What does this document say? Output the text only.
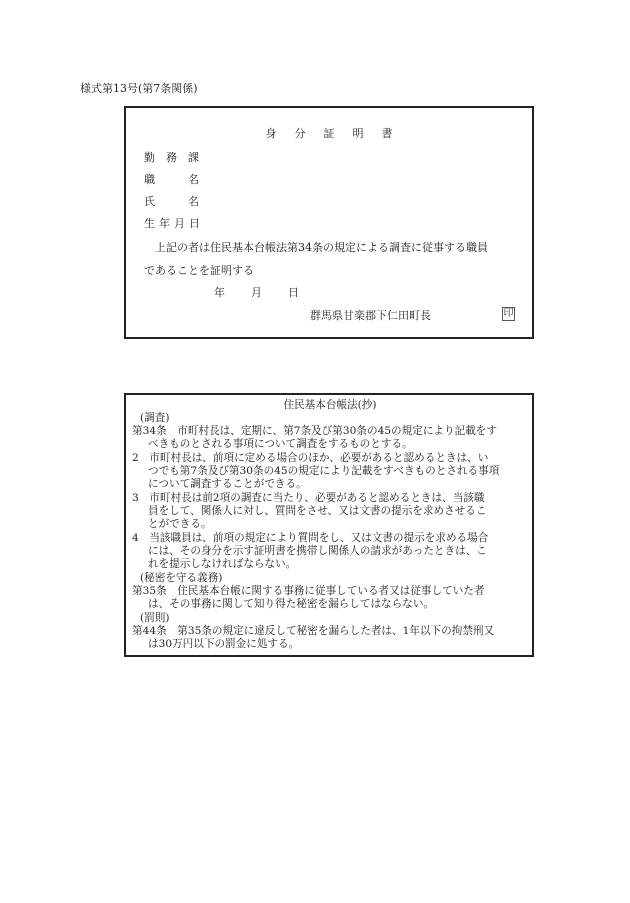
様式第13号(第7条関係)
身 分 証 明 書
勤 務 課
職	名
氏	名
生 年 月 日
上記の者は住民基本台帳法第34条の規定による調査に従事する職員
であることを証明する
年 月 日
群馬県甘楽郡下仁田町長	印
住民基本台帳法(抄)
(調査)
第34条　市町村長は、定期に、第7条及び第30条の45の規定により記載をす
べきものとされる事項について調査をするものとする。
2　市町村長は、前項に定める場合のほか、必要があると認めるときは、い
つでも第7条及び第30条の45の規定により記載をすべきものとされる事項
について調査することができる。
3　市町村長は前2項の調査に当たり、必要があると認めるときは、当該職
員をして、関係人に対し、質問をさせ、又は文書の提示を求めさせるこ
とができる。
4　当該職員は、前項の規定により質問をし、又は文書の提示を求める場合
には、その身分を示す証明書を携帯し関係人の請求があったときは、こ
れを提示しなければならない。
(秘密を守る義務)
第35条　住民基本台帳に関する事務に従事している者又は従事していた者
は、その事務に関して知り得た秘密を漏らしてはならない。
(罰則)
第44条　第35条の規定に違反して秘密を漏らした者は、1年以下の拘禁刑又
は30万円以下の罰金に処する。
